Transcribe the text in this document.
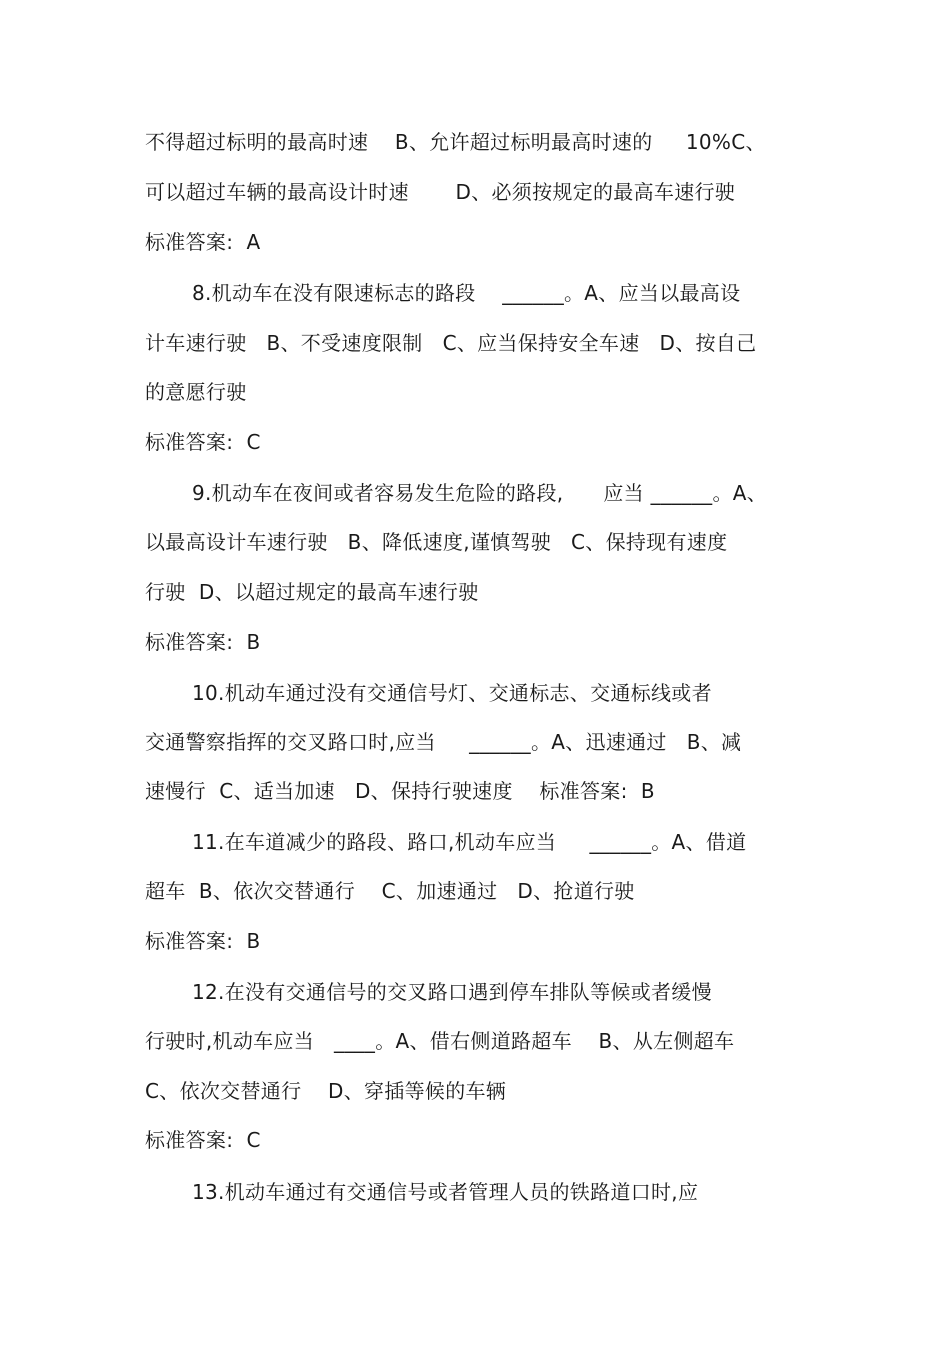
不得超过标明的最高时速    B、允许超过标明最高时速的     10%C、
可以超过车辆的最高设计时速       D、必须按规定的最高车速行驶
标准答案:  A
8.机动车在没有限速标志的路段    ______。A、应当以最高设
计车速行驶   B、不受速度限制   C、应当保持安全车速   D、按自己
的意愿行驶
标准答案:  C
9.机动车在夜间或者容易发生危险的路段,      应当 ______。A、
以最高设计车速行驶   B、降低速度,谨慎驾驶   C、保持现有速度
行驶  D、以超过规定的最高车速行驶
标准答案:  B
10.机动车通过没有交通信号灯、交通标志、交通标线或者
交通警察指挥的交叉路口时,应当     ______。A、迅速通过   B、减
速慢行  C、适当加速   D、保持行驶速度    标准答案:  B
11.在车道减少的路段、路口,机动车应当     ______。A、借道
超车  B、依次交替通行    C、加速通过   D、抢道行驶
标准答案:  B
12.在没有交通信号的交叉路口遇到停车排队等候或者缓慢
行驶时,机动车应当   ____。A、借右侧道路超车    B、从左侧超车
C、依次交替通行    D、穿插等候的车辆
标准答案:  C
13.机动车通过有交通信号或者管理人员的铁路道口时,应
